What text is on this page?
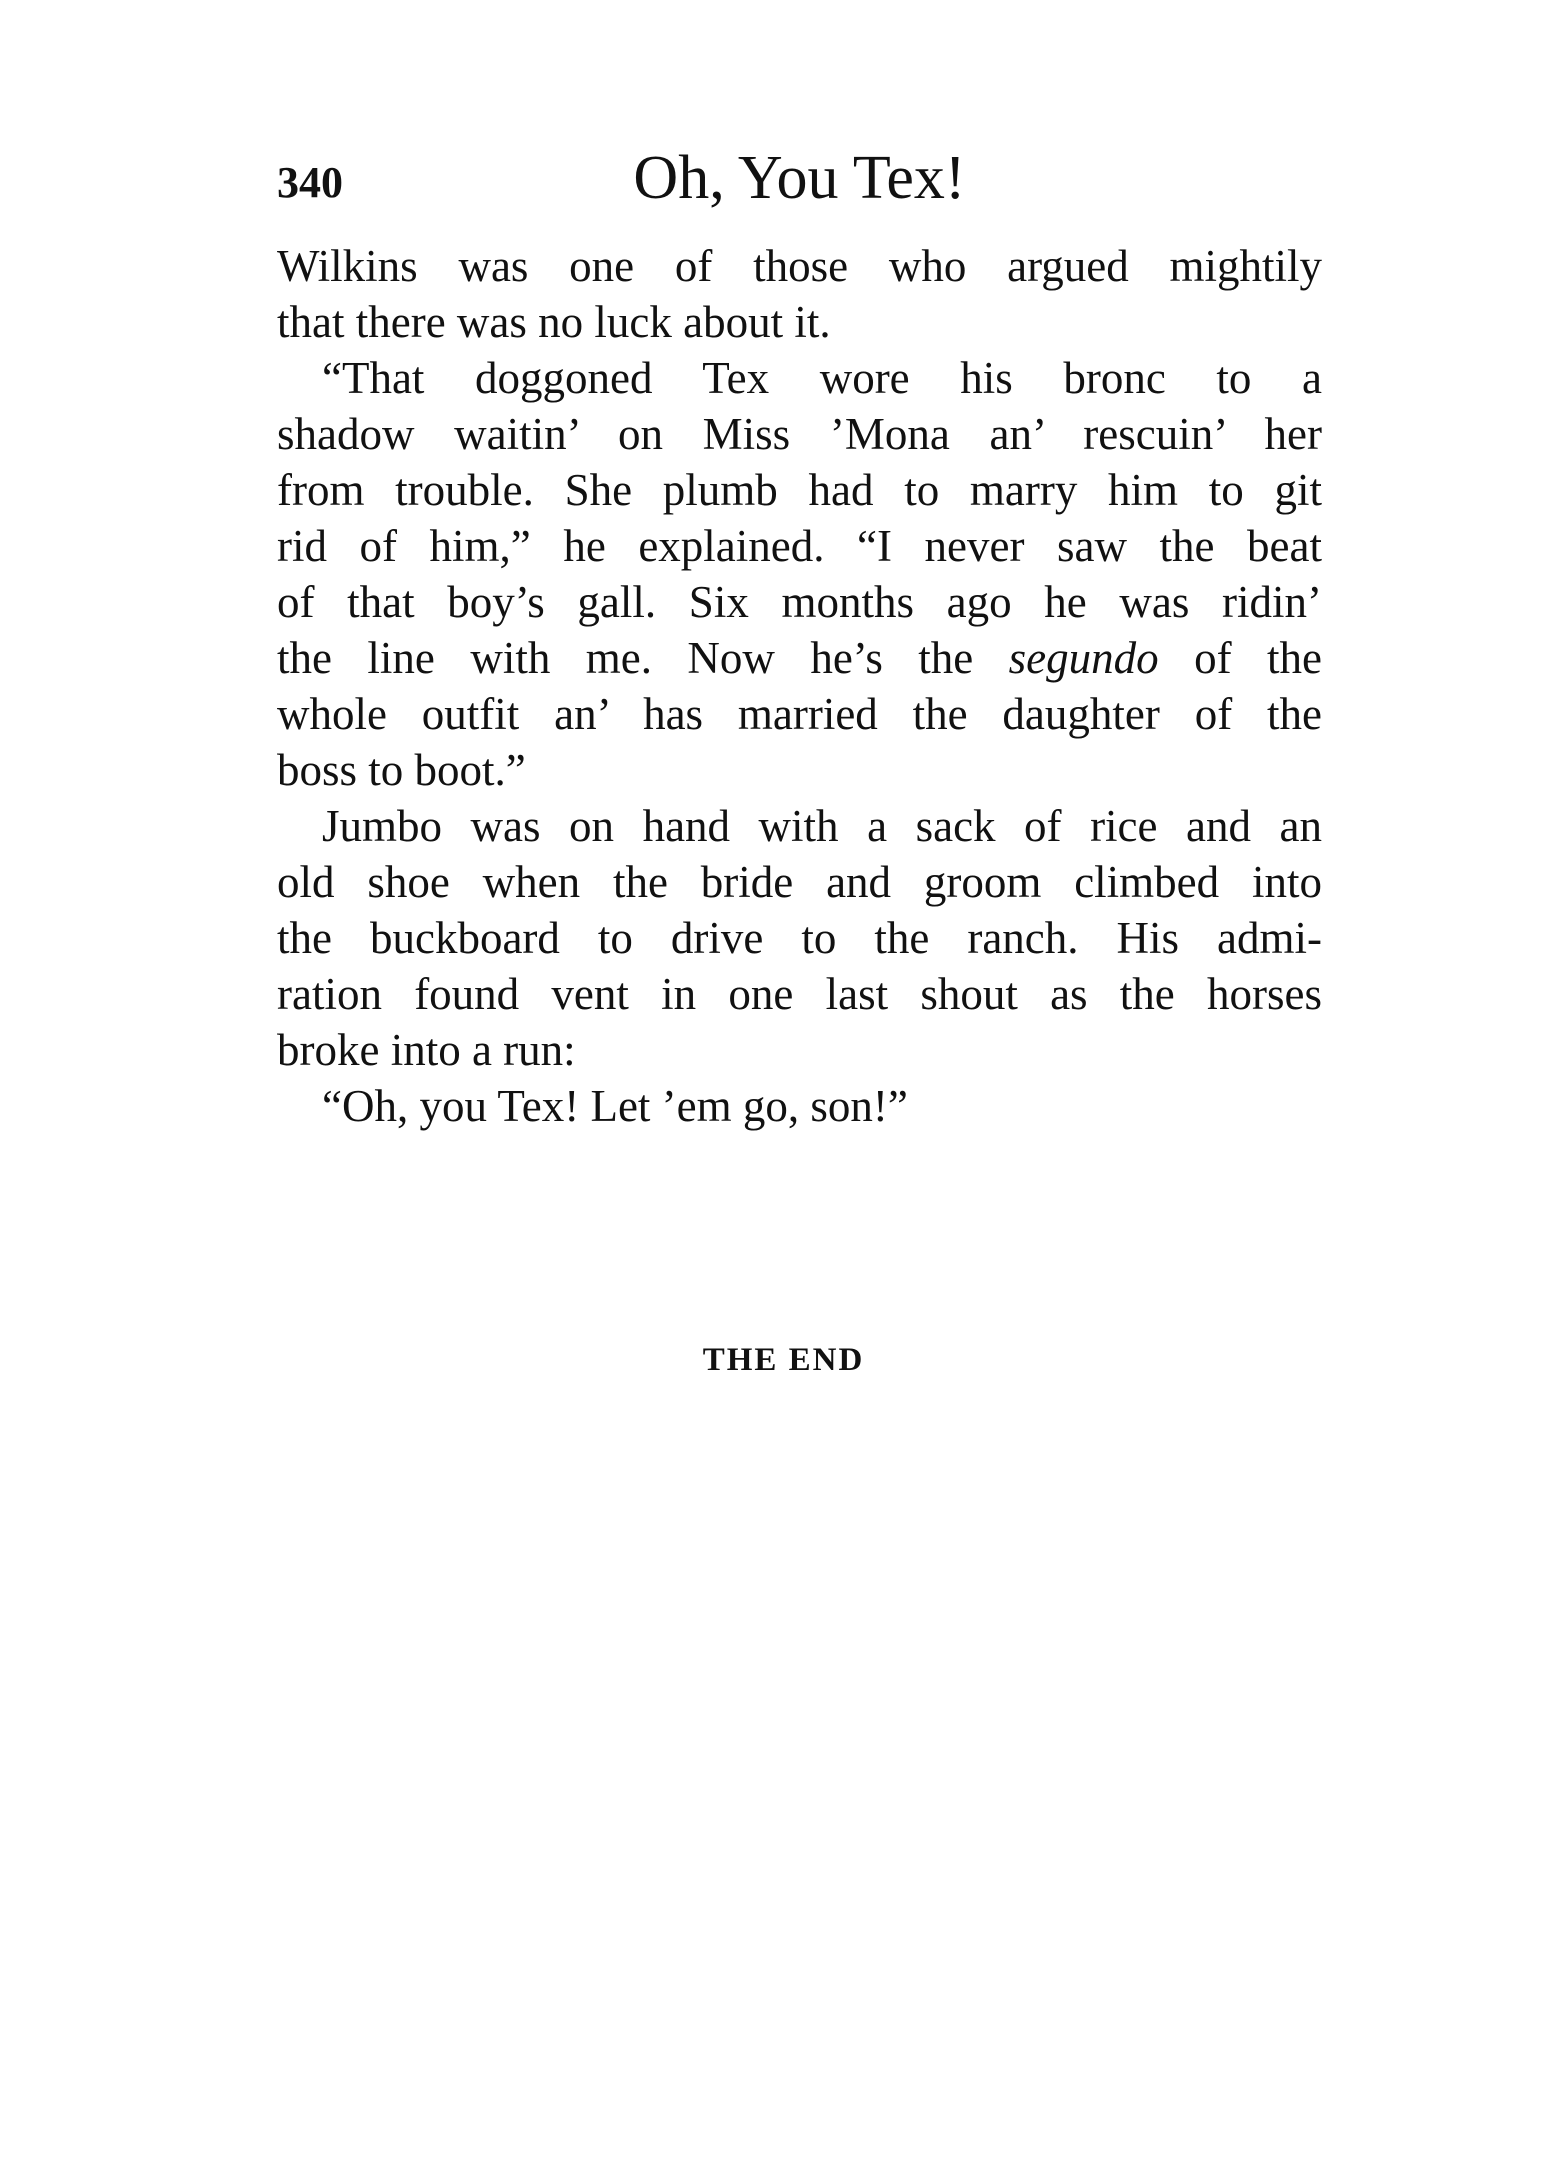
340	Oh, You Tex!
Wilkins was one of those who argued mightily
that there was no luck about it.
“That doggoned Tex wore his bronc to a
shadow waitin’ on Miss ’Mona an’ rescuin’ her
from trouble. She plumb had to marry him to git
rid of him,” he explained. “I never saw the beat
of that boy’s gall. Six months ago he was ridin’
the line with me. Now he’s the segundo of the
whole outfit an’ has married the daughter of the
boss to boot.”
Jumbo was on hand with a sack of rice and an
old shoe when the bride and groom climbed into
the buckboard to drive to the ranch. His admi-
ration found vent in one last shout as the horses
broke into a run:
“Oh, you Tex! Let ’em go, son!”
THE END
